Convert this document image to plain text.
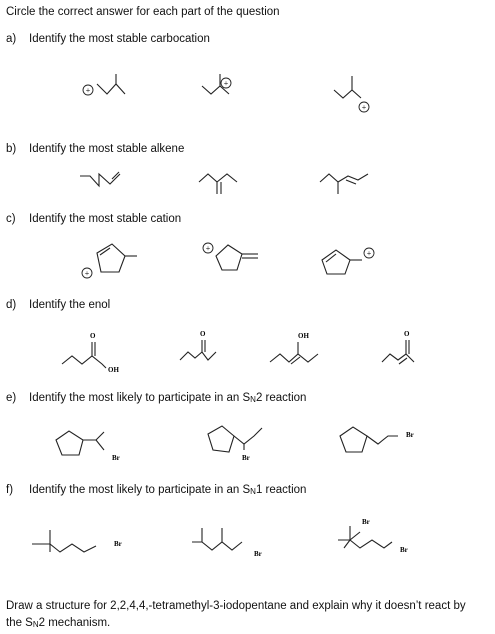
Circle the correct answer for each part of the question
a) Identify the most stable carbocation
+
+
+
b) Identify the most stable alkene
c) Identify the most stable cation
+
+
+
d) Identify the enol
O
OH
O	OH	O
e) Identify the most likely to participate in an SN2 reaction
Br	Br
Br
f) Identify the most likely to participate in an SN1 reaction
Br
Br
Br
Br
Draw a structure for 2,2,4,4,-tetramethyl-3-iodopentane and explain why it doesn’t react by
the SN2 mechanism.
